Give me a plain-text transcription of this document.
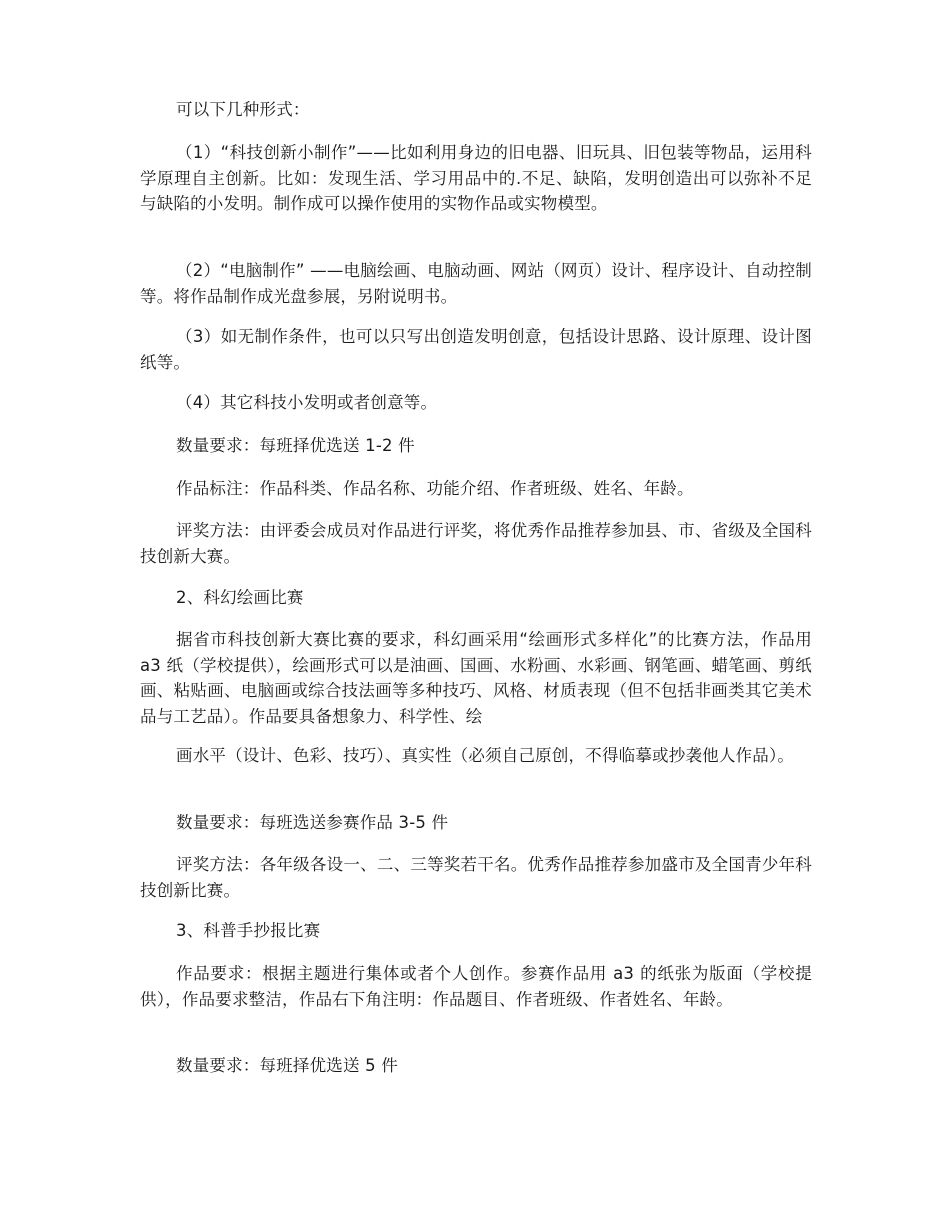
可以下几种形式：

（1）“科技创新小制作”——比如利用身边的旧电器、旧玩具、旧包装等物品，运用科学原理自主创新。比如：发现生活、学习用品中的.不足、缺陷，发明创造出可以弥补不足与缺陷的小发明。制作成可以操作使用的实物作品或实物模型。

（2）“电脑制作” ——电脑绘画、电脑动画、网站（网页）设计、程序设计、自动控制等。将作品制作成光盘参展，另附说明书。

（3）如无制作条件，也可以只写出创造发明创意，包括设计思路、设计原理、设计图纸等。

（4）其它科技小发明或者创意等。

数量要求：每班择优选送 1-2 件

作品标注：作品科类、作品名称、功能介绍、作者班级、姓名、年龄。

评奖方法：由评委会成员对作品进行评奖，将优秀作品推荐参加县、市、省级及全国科技创新大赛。

2、科幻绘画比赛

据省市科技创新大赛比赛的要求，科幻画采用“绘画形式多样化”的比赛方法，作品用 a3 纸（学校提供），绘画形式可以是油画、国画、水粉画、水彩画、钢笔画、蜡笔画、剪纸画、粘贴画、电脑画或综合技法画等多种技巧、风格、材质表现（但不包括非画类其它美术品与工艺品）。作品要具备想象力、科学性、绘

画水平（设计、色彩、技巧）、真实性（必须自己原创，不得临摹或抄袭他人作品）。

数量要求：每班选送参赛作品 3-5 件

评奖方法：各年级各设一、二、三等奖若干名。优秀作品推荐参加盛市及全国青少年科技创新比赛。

3、科普手抄报比赛

作品要求：根据主题进行集体或者个人创作。参赛作品用 a3 的纸张为版面（学校提供），作品要求整洁，作品右下角注明：作品题目、作者班级、作者姓名、年龄。

数量要求：每班择优选送 5 件
